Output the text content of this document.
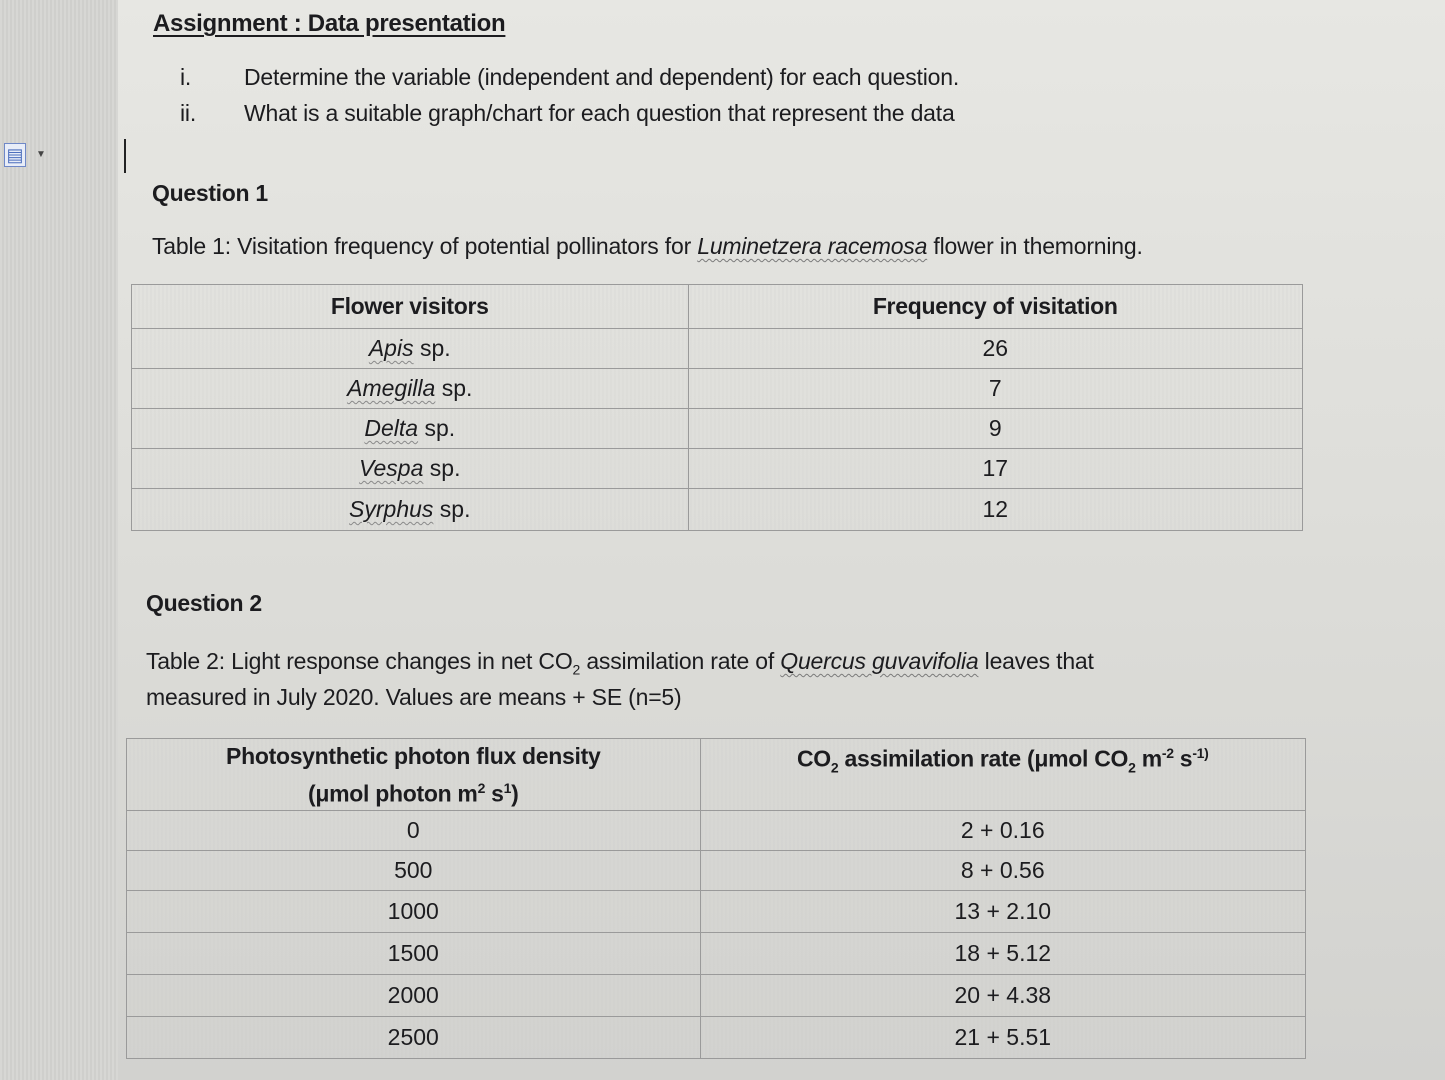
▤ ▼
Assignment : Data presentation
i.	Determine the variable (independent and dependent) for each question.
ii.	What is a suitable graph/chart for each question that represent the data
Question 1
Table 1: Visitation frequency of potential pollinators for Luminetzera racemosa flower in themorning.
Flower visitors	Frequency of visitation
Apis sp.	26
Amegilla sp.	7
Delta sp.	9
Vespa sp.	17
Syrphus sp.	12
Question 2
Table 2: Light response changes in net $CO_2$ assimilation rate of Quercus guvavifolia leaves that
measured in July 2020. Values are means + SE (n=5)
Photosynthetic photon flux density
(μmol photon $m^2$ $s^1$)	$CO_2$ assimilation rate (μmol $CO_2$ $m^{-2}$ $s^{-1)}$
0	2 + 0.16
500	8 + 0.56
1000	13 + 2.10
1500	18 + 5.12
2000	20 + 4.38
2500	21 + 5.51
